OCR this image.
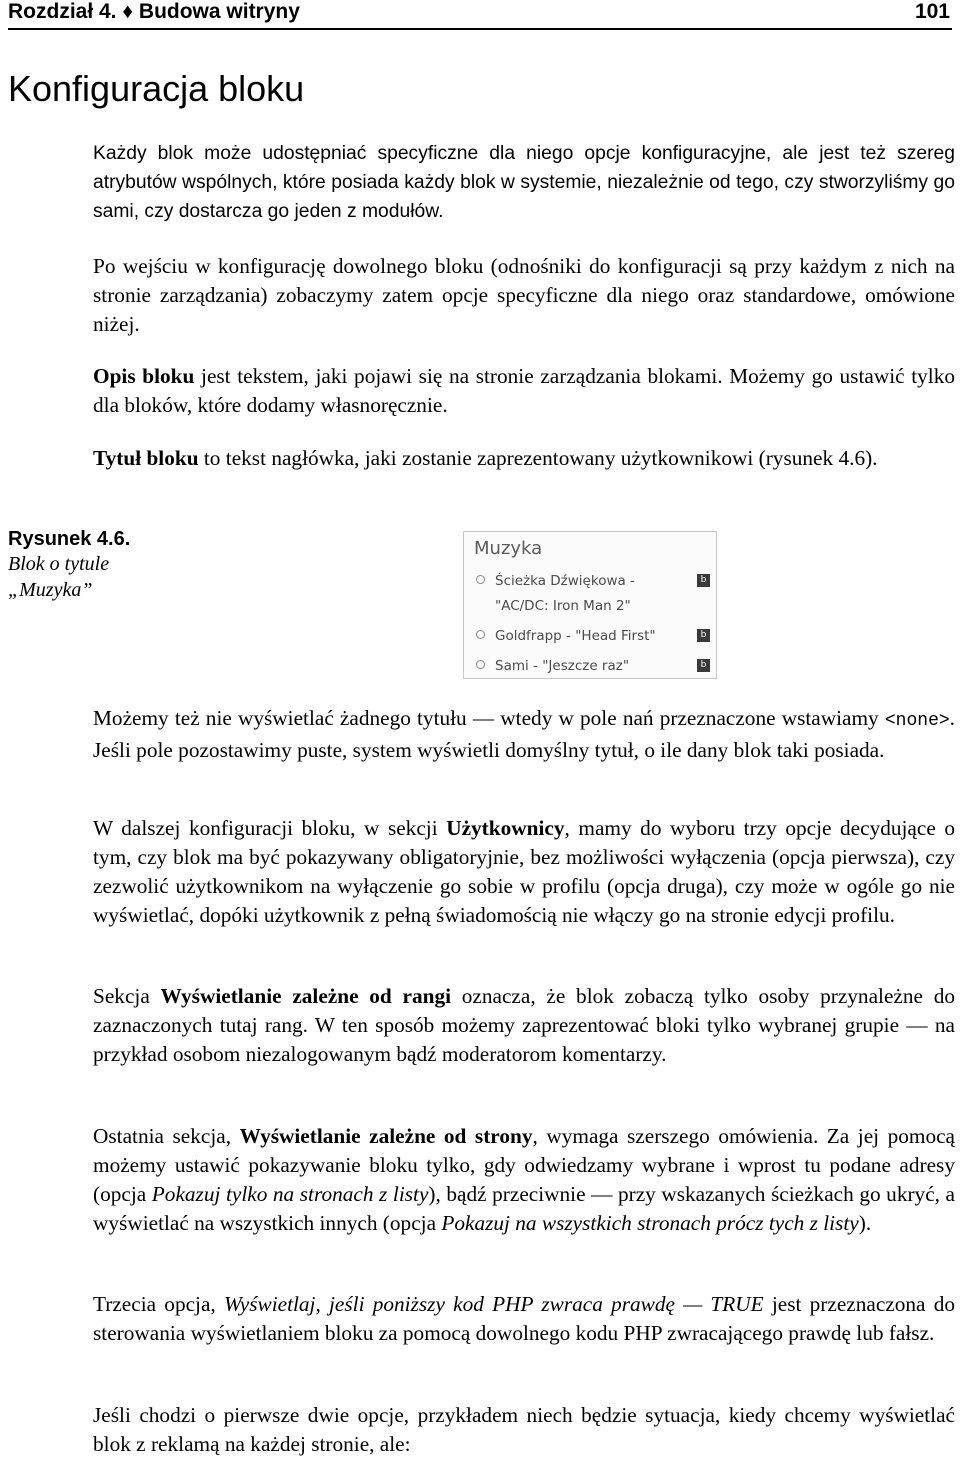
Rozdział 4. ♦ Budowa witryny	101
Konfiguracja bloku

Każdy blok może udostępniać specyficzne dla niego opcje konfiguracyjne, ale jest też szereg atrybutów wspólnych, które posiada każdy blok w systemie, niezależnie od tego, czy stworzyliśmy go sami, czy dostarcza go jeden z modułów.

Po wejściu w konfigurację dowolnego bloku (odnośniki do konfiguracji są przy każdym z nich na stronie zarządzania) zobaczymy zatem opcje specyficzne dla niego oraz standardowe, omówione niżej.

Opis bloku jest tekstem, jaki pojawi się na stronie zarządzania blokami. Możemy go ustawić tylko dla bloków, które dodamy własnoręcznie.

Tytuł bloku to tekst nagłówka, jaki zostanie zaprezentowany użytkownikowi (rysunek 4.6).

Rysunek 4.6.
Blok o tytule „Muzyka”
Muzyka
Ścieżka Dźwiękowa -
"AC/DC: Iron Man 2"
b
Goldfrapp - "Head First"	b
Sami - "Jeszcze raz"	b

Możemy też nie wyświetlać żadnego tytułu — wtedy w pole nań przeznaczone wstawiamy <none>. Jeśli pole pozostawimy puste, system wyświetli domyślny tytuł, o ile dany blok taki posiada.

W dalszej konfiguracji bloku, w sekcji Użytkownicy, mamy do wyboru trzy opcje decydujące o tym, czy blok ma być pokazywany obligatoryjnie, bez możliwości wyłączenia (opcja pierwsza), czy zezwolić użytkownikom na wyłączenie go sobie w profilu (opcja druga), czy może w ogóle go nie wyświetlać, dopóki użytkownik z pełną świadomością nie włączy go na stronie edycji profilu.

Sekcja Wyświetlanie zależne od rangi oznacza, że blok zobaczą tylko osoby przynależne do zaznaczonych tutaj rang. W ten sposób możemy zaprezentować bloki tylko wybranej grupie — na przykład osobom niezalogowanym bądź moderatorom komentarzy.

Ostatnia sekcja, Wyświetlanie zależne od strony, wymaga szerszego omówienia. Za jej pomocą możemy ustawić pokazywanie bloku tylko, gdy odwiedzamy wybrane i wprost tu podane adresy (opcja Pokazuj tylko na stronach z listy), bądź przeciwnie — przy wskazanych ścieżkach go ukryć, a wyświetlać na wszystkich innych (opcja Pokazuj na wszystkich stronach prócz tych z listy).

Trzecia opcja, Wyświetlaj, jeśli poniższy kod PHP zwraca prawdę — TRUE jest przeznaczona do sterowania wyświetlaniem bloku za pomocą dowolnego kodu PHP zwracającego prawdę lub fałsz.

Jeśli chodzi o pierwsze dwie opcje, przykładem niech będzie sytuacja, kiedy chcemy wyświetlać blok z reklamą na każdej stronie, ale:
